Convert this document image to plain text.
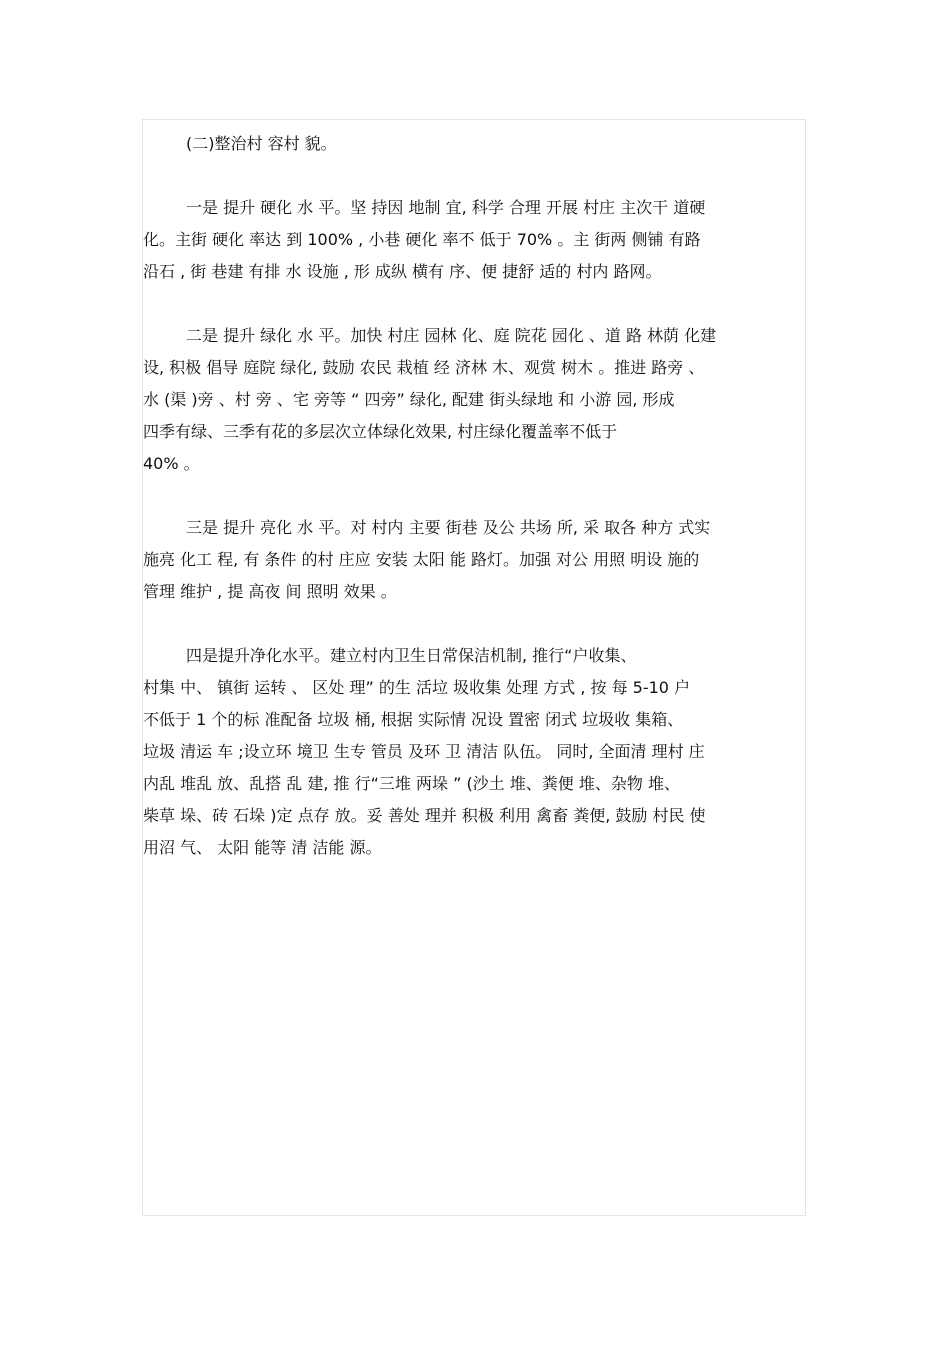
(二)整治村 容村 貌。
一是 提升 硬化 水 平。坚 持因 地制 宜, 科学 合理 开展 村庄 主次干 道硬
化。主街 硬化 率达 到 100% , 小巷 硬化 率不 低于 70% 。主 街两 侧铺 有路
沿石 , 街 巷建 有排 水 设施 , 形 成纵 横有 序、便 捷舒 适的 村内 路网。
二是 提升 绿化 水 平。加快 村庄 园林 化、庭 院花 园化 、道 路 林荫 化建
设, 积极 倡导 庭院 绿化, 鼓励 农民 栽植 经 济林 木、观赏 树木 。推进 路旁 、
水 (渠 )旁 、村 旁 、宅 旁等 “ 四旁” 绿化, 配建 街头绿地 和 小游 园, 形成
四季有绿、三季有花的多层次立体绿化效果, 村庄绿化覆盖率不低于
40% 。
三是 提升 亮化 水 平。对 村内 主要 街巷 及公 共场 所, 采 取各 种方 式实
施亮 化工 程, 有 条件 的村 庄应 安装 太阳 能 路灯。加强 对公 用照 明设 施的
管理 维护 , 提 高夜 间 照明 效果 。
四是提升净化水平。建立村内卫生日常保洁机制, 推行“户收集、
村集 中、 镇街 运转 、 区处 理” 的生 活垃 圾收集 处理 方式 , 按 每 5-10 户
不低于 1 个的标 准配备 垃圾 桶, 根据 实际情 况设 置密 闭式 垃圾收 集箱、
垃圾 清运 车 ;设立环 境卫 生专 管员 及环 卫 清洁 队伍。 同时, 全面清 理村 庄
内乱 堆乱 放、乱搭 乱 建, 推 行“三堆 两垛 ” (沙土 堆、粪便 堆、杂物 堆、
柴草 垛、砖 石垛 )定 点存 放。妥 善处 理并 积极 利用 禽畜 粪便, 鼓励 村民 使
用沼 气、 太阳 能等 清 洁能 源。
